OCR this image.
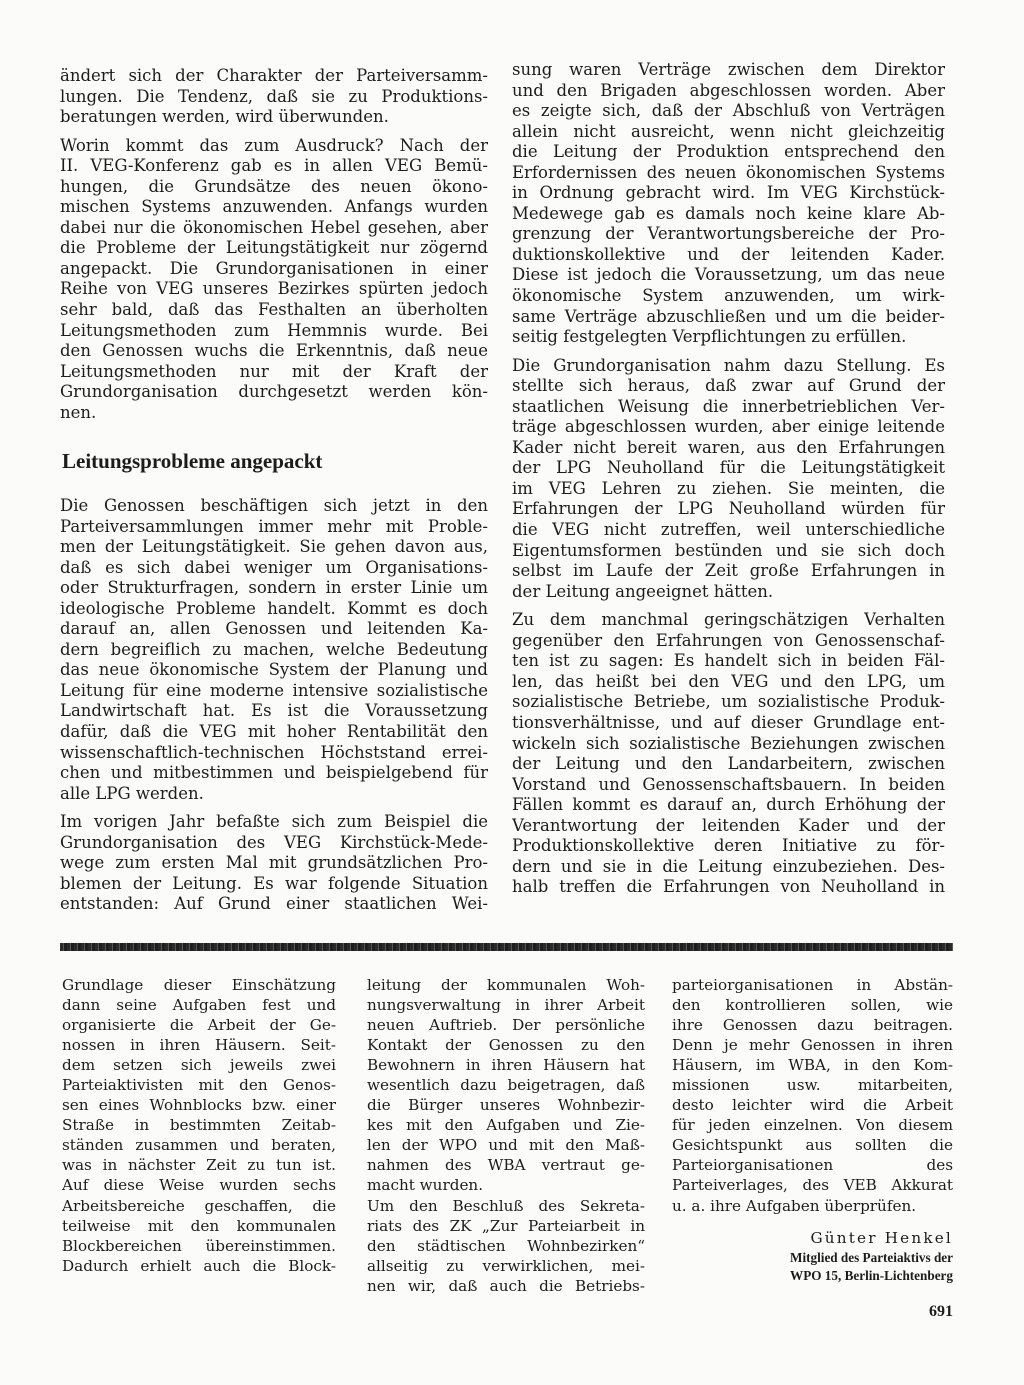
ändert sich der Charakter der Parteiversamm-
lungen. Die Tendenz, daß sie zu Produktions-
beratungen werden, wird überwunden.
Worin kommt das zum Ausdruck? Nach der
II. VEG-Konferenz gab es in allen VEG Bemü-
hungen, die Grundsätze des neuen ökono-
mischen Systems anzuwenden. Anfangs wurden
dabei nur die ökonomischen Hebel gesehen, aber
die Probleme der Leitungstätigkeit nur zögernd
angepackt. Die Grundorganisationen in einer
Reihe von VEG unseres Bezirkes spürten jedoch
sehr bald, daß das Festhalten an überholten
Leitungsmethoden zum Hemmnis wurde. Bei
den Genossen wuchs die Erkenntnis, daß neue
Leitungsmethoden nur mit der Kraft der
Grundorganisation durchgesetzt werden kön-
nen.
Leitungsprobleme angepackt
Die Genossen beschäftigen sich jetzt in den
Parteiversammlungen immer mehr mit Proble-
men der Leitungstätigkeit. Sie gehen davon aus,
daß es sich dabei weniger um Organisations-
oder Strukturfragen, sondern in erster Linie um
ideologische Probleme handelt. Kommt es doch
darauf an, allen Genossen und leitenden Ka-
dern begreiflich zu machen, welche Bedeutung
das neue ökonomische System der Planung und
Leitung für eine moderne intensive sozialistische
Landwirtschaft hat. Es ist die Voraussetzung
dafür, daß die VEG mit hoher Rentabilität den
wissenschaftlich-technischen Höchststand errei-
chen und mitbestimmen und beispielgebend für
alle LPG werden.
Im vorigen Jahr befaßte sich zum Beispiel die
Grundorganisation des VEG Kirchstück-Mede-
wege zum ersten Mal mit grundsätzlichen Pro-
blemen der Leitung. Es war folgende Situation
entstanden: Auf Grund einer staatlichen Wei-
sung waren Verträge zwischen dem Direktor
und den Brigaden abgeschlossen worden. Aber
es zeigte sich, daß der Abschluß von Verträgen
allein nicht ausreicht, wenn nicht gleichzeitig
die Leitung der Produktion entsprechend den
Erfordernissen des neuen ökonomischen Systems
in Ordnung gebracht wird. Im VEG Kirchstück-
Medewege gab es damals noch keine klare Ab-
grenzung der Verantwortungsbereiche der Pro-
duktionskollektive und der leitenden Kader.
Diese ist jedoch die Voraussetzung, um das neue
ökonomische System anzuwenden, um wirk-
same Verträge abzuschließen und um die beider-
seitig festgelegten Verpflichtungen zu erfüllen.
Die Grundorganisation nahm dazu Stellung. Es
stellte sich heraus, daß zwar auf Grund der
staatlichen Weisung die innerbetrieblichen Ver-
träge abgeschlossen wurden, aber einige leitende
Kader nicht bereit waren, aus den Erfahrungen
der LPG Neuholland für die Leitungstätigkeit
im VEG Lehren zu ziehen. Sie meinten, die
Erfahrungen der LPG Neuholland würden für
die VEG nicht zutreffen, weil unterschiedliche
Eigentumsformen bestünden und sie sich doch
selbst im Laufe der Zeit große Erfahrungen in
der Leitung angeeignet hätten.
Zu dem manchmal geringschätzigen Verhalten
gegenüber den Erfahrungen von Genossenschaf-
ten ist zu sagen: Es handelt sich in beiden Fäl-
len, das heißt bei den VEG und den LPG, um
sozialistische Betriebe, um sozialistische Produk-
tionsverhältnisse, und auf dieser Grundlage ent-
wickeln sich sozialistische Beziehungen zwischen
der Leitung und den Landarbeitern, zwischen
Vorstand und Genossenschaftsbauern. In beiden
Fällen kommt es darauf an, durch Erhöhung der
Verantwortung der leitenden Kader und der
Produktionskollektive deren Initiative zu för-
dern und sie in die Leitung einzubeziehen. Des-
halb treffen die Erfahrungen von Neuholland in
Grundlage dieser Einschätzung
dann seine Aufgaben fest und
organisierte die Arbeit der Ge-
nossen in ihren Häusern. Seit-
dem setzen sich jeweils zwei
Parteiaktivisten mit den Genos-
sen eines Wohnblocks bzw. einer
Straße in bestimmten Zeitab-
ständen zusammen und beraten,
was in nächster Zeit zu tun ist.
Auf diese Weise wurden sechs
Arbeitsbereiche geschaffen, die
teilweise mit den kommunalen
Blockbereichen übereinstimmen.
Dadurch erhielt auch die Block-
leitung der kommunalen Woh-
nungsverwaltung in ihrer Arbeit
neuen Auftrieb. Der persönliche
Kontakt der Genossen zu den
Bewohnern in ihren Häusern hat
wesentlich dazu beigetragen, daß
die Bürger unseres Wohnbezir-
kes mit den Aufgaben und Zie-
len der WPO und mit den Maß-
nahmen des WBA vertraut ge-
macht wurden.
Um den Beschluß des Sekreta-
riats des ZK „Zur Parteiarbeit in
den städtischen Wohnbezirken“
allseitig zu verwirklichen, mei-
nen wir, daß auch die Betriebs-
parteiorganisationen in Abstän-
den kontrollieren sollen, wie
ihre Genossen dazu beitragen.
Denn je mehr Genossen in ihren
Häusern, im WBA, in den Kom-
missionen usw. mitarbeiten,
desto leichter wird die Arbeit
für jeden einzelnen. Von diesem
Gesichtspunkt aus sollten die
Parteiorganisationen des
Parteiverlages, des VEB Akkurat
u. a. ihre Aufgaben überprüfen.
Günter Henkel
Mitglied des Parteiaktivs der
WPO 15, Berlin-Lichtenberg
691
